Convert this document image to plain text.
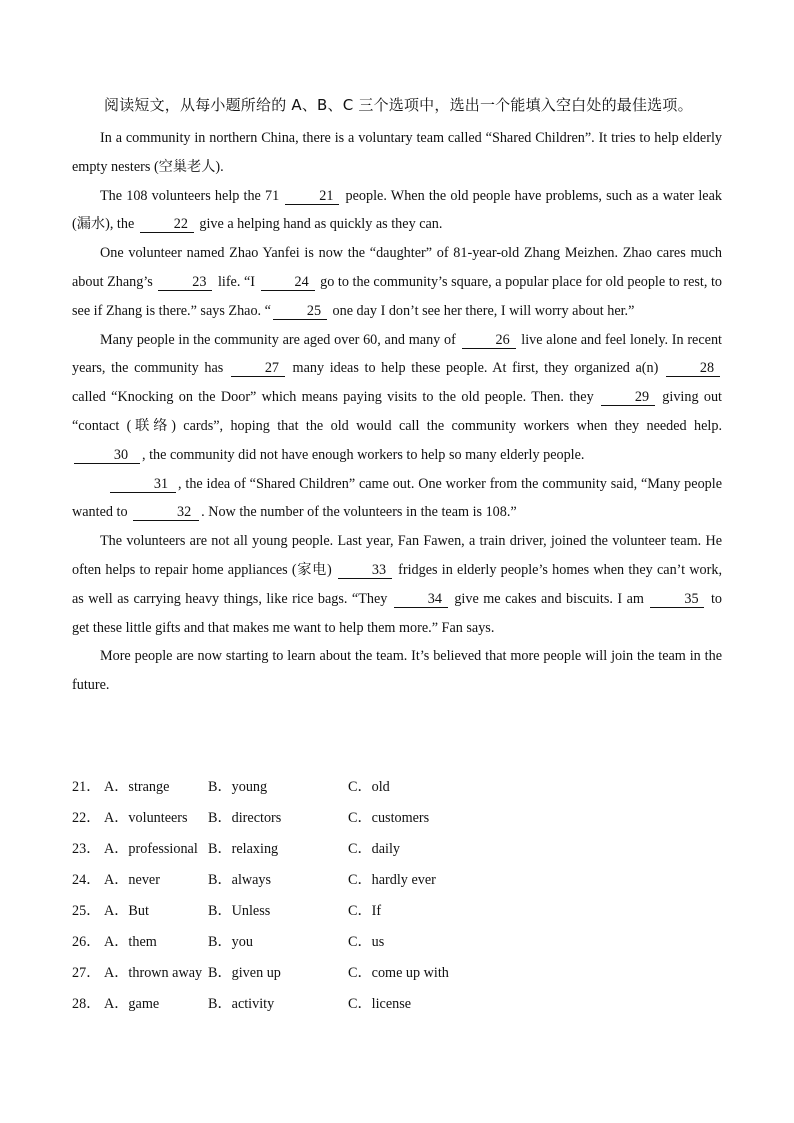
阅读短文，从每小题所给的 A、B、C 三个选项中，选出一个能填入空白处的最佳选项。

In a community in northern China, there is a voluntary team called “Shared Children”. It tries to help elderly empty nesters (空巢老人).

The 108 volunteers help the 71	21 people. When the old people have problems, such as a water leak (漏水), the	22 give a helping hand as quickly as they can.

One volunteer named Zhao Yanfei is now the “daughter” of 81-year-old Zhang Meizhen. Zhao cares much about Zhang’s	23 life. “I	24 go to the community’s square, a popular place for old people to rest, to see if Zhang is there.” says Zhao. “	25 one day I don’t see her there, I will worry about her.”

Many people in the community are aged over 60, and many of	26 live alone and feel lonely. In recent years, the community has	27 many ideas to help these people. At first, they organized a(n)	28 called “Knocking on the Door” which means paying visits to the old people. Then. they	29 giving out “contact (联络) cards”, hoping that the old would call the community workers when they needed help. 30 , the community did not have enough workers to help so many elderly people.

31 , the idea of “Shared Children” came out. One worker from the community said, “Many people wanted to	32 . Now the number of the volunteers in the team is 108.”

The volunteers are not all young people. Last year, Fan Fawen, a train driver, joined the volunteer team. He often helps to repair home appliances (家电)	33 fridges in elderly people’s homes when they can’t work, as well as carrying heavy things, like rice bags. “They	34 give me cakes and biscuits. I am	35 to get these little gifts and that makes me want to help them more.” Fan says.

More people are now starting to learn about the team. It’s believed that more people will join the team in the future.

21． A．strange	B．young	C．old
22． A．volunteers B．directors	C．customers
23． A．professional B．relaxing	C．daily
24． A．never	B．always	C．hardly ever
25． A．But	B．Unless	C．If
26． A．them	B．you	C．us
27． A．thrown away B．given up	C．come up with
28． A．game	B．activity	C．license
